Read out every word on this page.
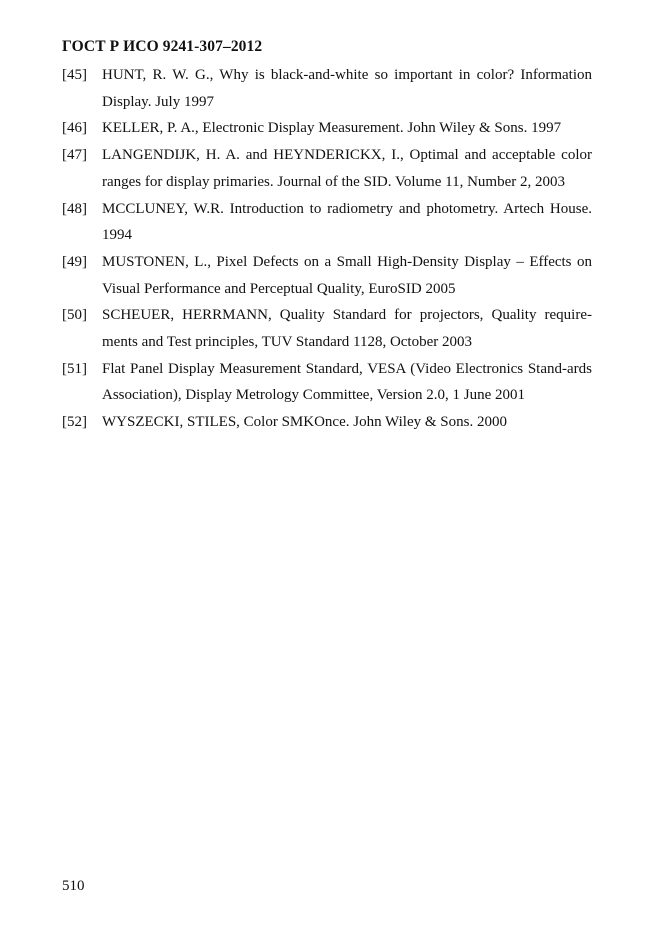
ГОСТ Р ИСО 9241-307–2012
[45] HUNT, R. W. G., Why is black-and-white so important in color? Information Display. July 1997
[46] KELLER, P. A., Electronic Display Measurement. John Wiley & Sons. 1997
[47] LANGENDIJK, H. A. and HEYNDERICKX, I., Optimal and acceptable color ranges for display primaries. Journal of the SID. Volume 11, Number 2, 2003
[48] MCCLUNEY, W.R. Introduction to radiometry and photometry. Artech House. 1994
[49] MUSTONEN, L., Pixel Defects on a Small High-Density Display – Effects on Visual Performance and Perceptual Quality, EuroSID 2005
[50] SCHEUER, HERRMANN, Quality Standard for projectors, Quality require-ments and Test principles, TUV Standard 1128, October 2003
[51] Flat Panel Display Measurement Standard, VESA (Video Electronics Stand-ards Association), Display Metrology Committee, Version 2.0, 1 June 2001
[52] WYSZECKI, STILES, Color SMKOnce. John Wiley & Sons. 2000
510
